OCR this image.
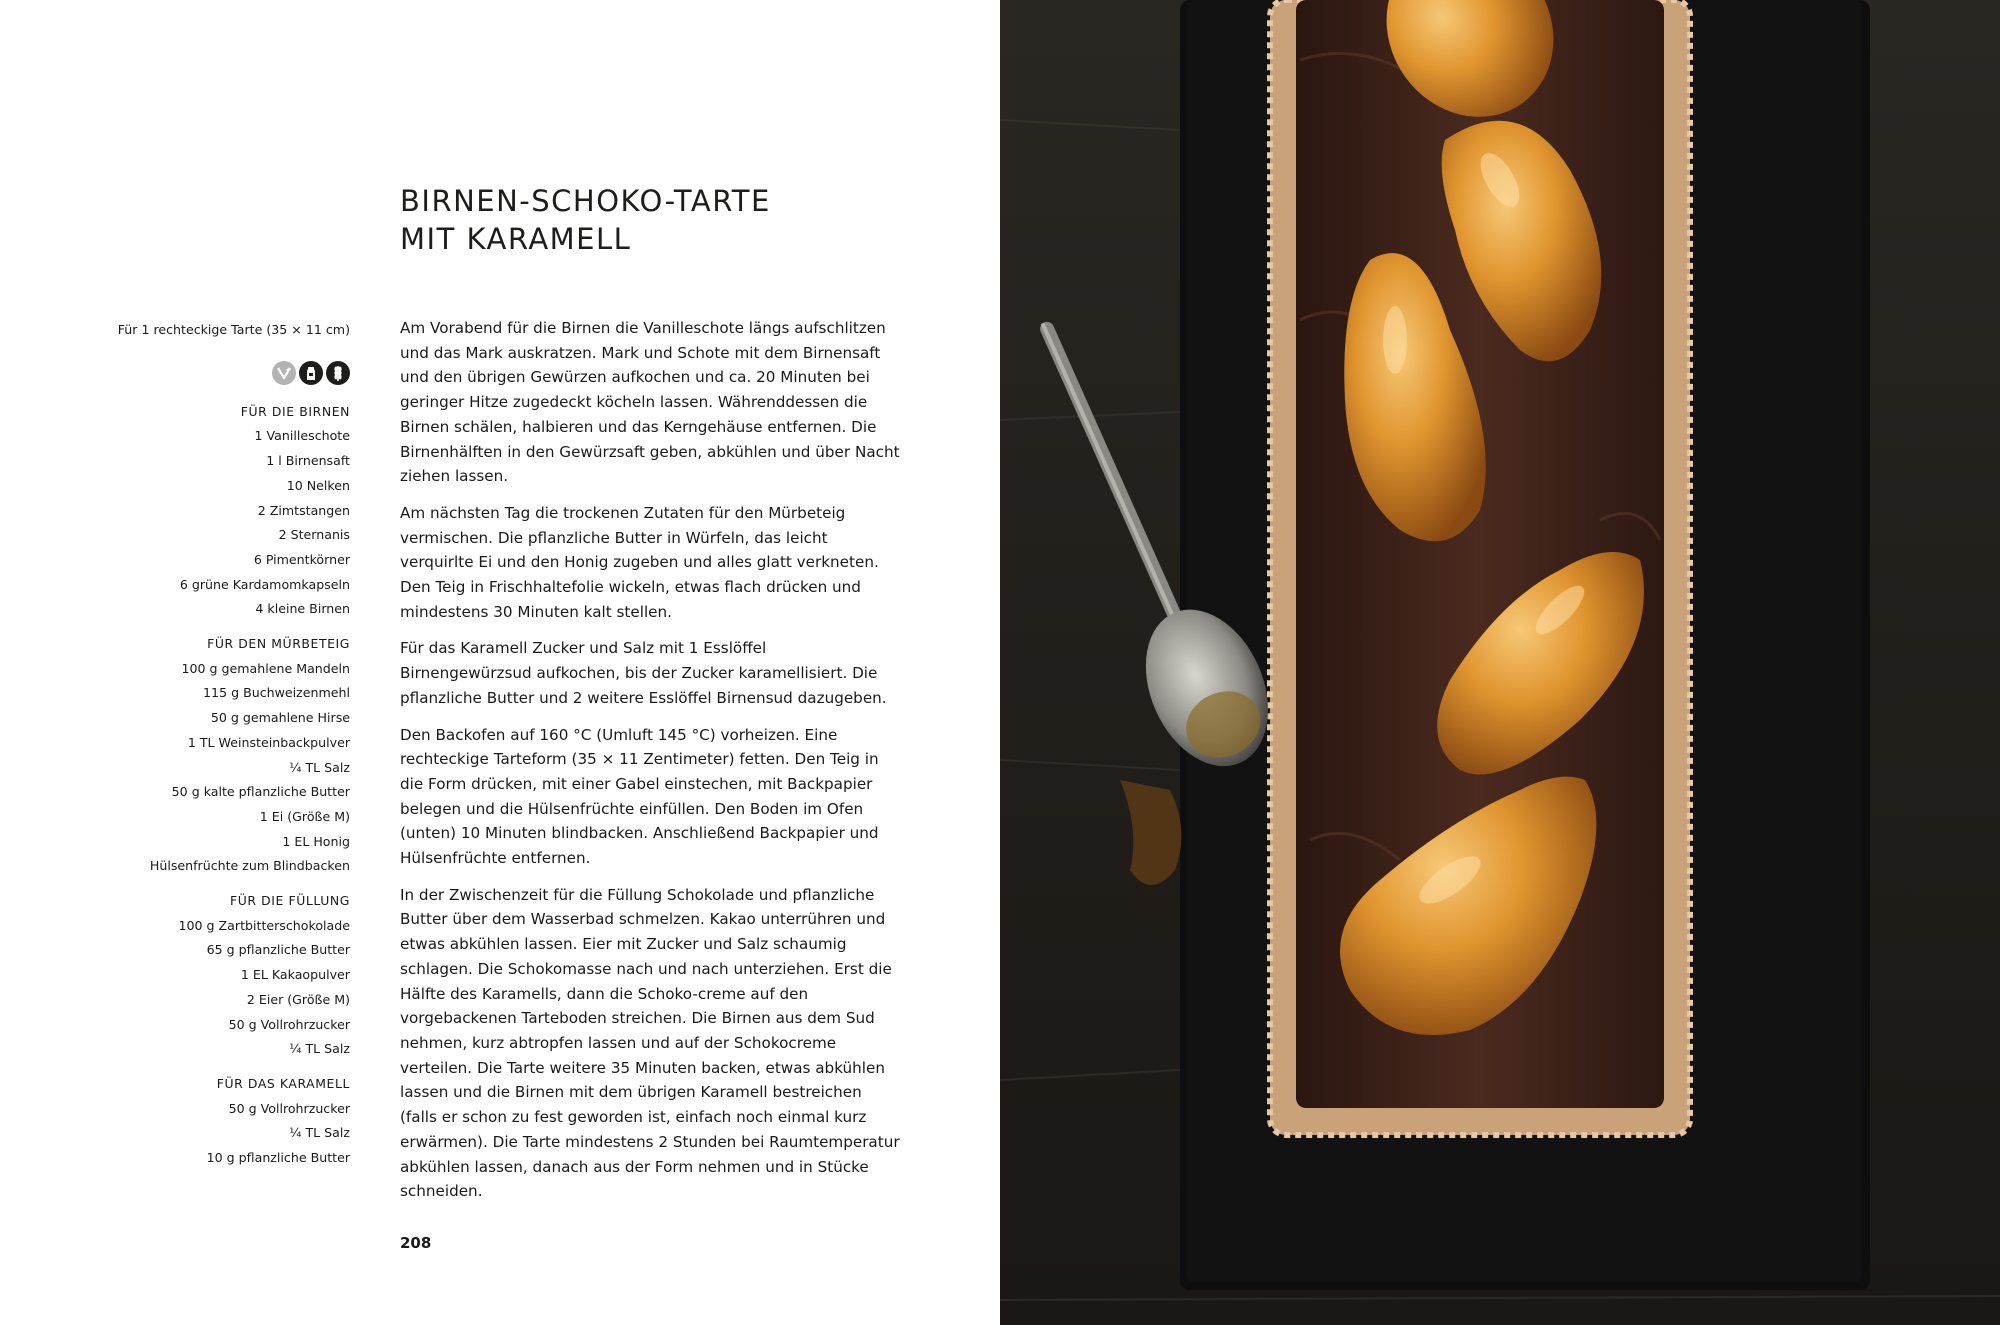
BIRNEN-SCHOKO-TARTE
MIT KARAMELL
Für 1 rechteckige Tarte (35 × 11 cm)
FÜR DIE BIRNEN
1 Vanilleschote
1 l Birnensaft
10 Nelken
2 Zimtstangen
2 Sternanis
6 Pimentkörner
6 grüne Kardamomkapseln
4 kleine Birnen
FÜR DEN MÜRBETEIG
100 g gemahlene Mandeln
115 g Buchweizenmehl
50 g gemahlene Hirse
1 TL Weinsteinbackpulver
¼ TL Salz
50 g kalte pflanzliche Butter
1 Ei (Größe M)
1 EL Honig
Hülsenfrüchte zum Blindbacken
FÜR DIE FÜLLUNG
100 g Zartbitterschokolade
65 g pflanzliche Butter
1 EL Kakaopulver
2 Eier (Größe M)
50 g Vollrohrzucker
¼ TL Salz
FÜR DAS KARAMELL
50 g Vollrohrzucker
¼ TL Salz
10 g pflanzliche Butter

Am Vorabend für die Birnen die Vanilleschote längs aufschlitzen und das Mark auskratzen. Mark und Schote mit dem Birnensaft und den übrigen Gewürzen aufkochen und ca. 20 Minuten bei geringer Hitze zugedeckt köcheln lassen. Währenddessen die Birnen schälen, halbieren und das Kerngehäuse entfernen. Die Birnenhälften in den Gewürzsaft geben, abkühlen und über Nacht ziehen lassen.

Am nächsten Tag die trockenen Zutaten für den Mürbeteig vermischen. Die pflanzliche Butter in Würfeln, das leicht verquirlte Ei und den Honig zugeben und alles glatt verkneten. Den Teig in Frischhaltefolie wickeln, etwas flach drücken und mindestens 30 Minuten kalt stellen.

Für das Karamell Zucker und Salz mit 1 Esslöffel Birnengewürzsud aufkochen, bis der Zucker karamellisiert. Die pflanzliche Butter und 2 weitere Esslöffel Birnensud dazugeben.

Den Backofen auf 160 °C (Umluft 145 °C) vorheizen. Eine rechteckige Tarteform (35 × 11 Zentimeter) fetten. Den Teig in die Form drücken, mit einer Gabel einstechen, mit Backpapier belegen und die Hülsenfrüchte einfüllen. Den Boden im Ofen (unten) 10 Minuten blindbacken. Anschließend Backpapier und Hülsenfrüchte entfernen.

In der Zwischenzeit für die Füllung Schokolade und pflanzliche Butter über dem Wasserbad schmelzen. Kakao unterrühren und etwas abkühlen lassen. Eier mit Zucker und Salz schaumig schlagen. Die Schokomasse nach und nach unterziehen. Erst die Hälfte des Karamells, dann die Schoko-creme auf den vorgebackenen Tarteboden streichen. Die Birnen aus dem Sud nehmen, kurz abtropfen lassen und auf der Schokocreme verteilen. Die Tarte weitere 35 Minuten backen, etwas abkühlen lassen und die Birnen mit dem übrigen Karamell bestreichen (falls er schon zu fest geworden ist, einfach noch einmal kurz erwärmen). Die Tarte mindestens 2 Stunden bei Raumtemperatur abkühlen lassen, danach aus der Form nehmen und in Stücke schneiden.

208
